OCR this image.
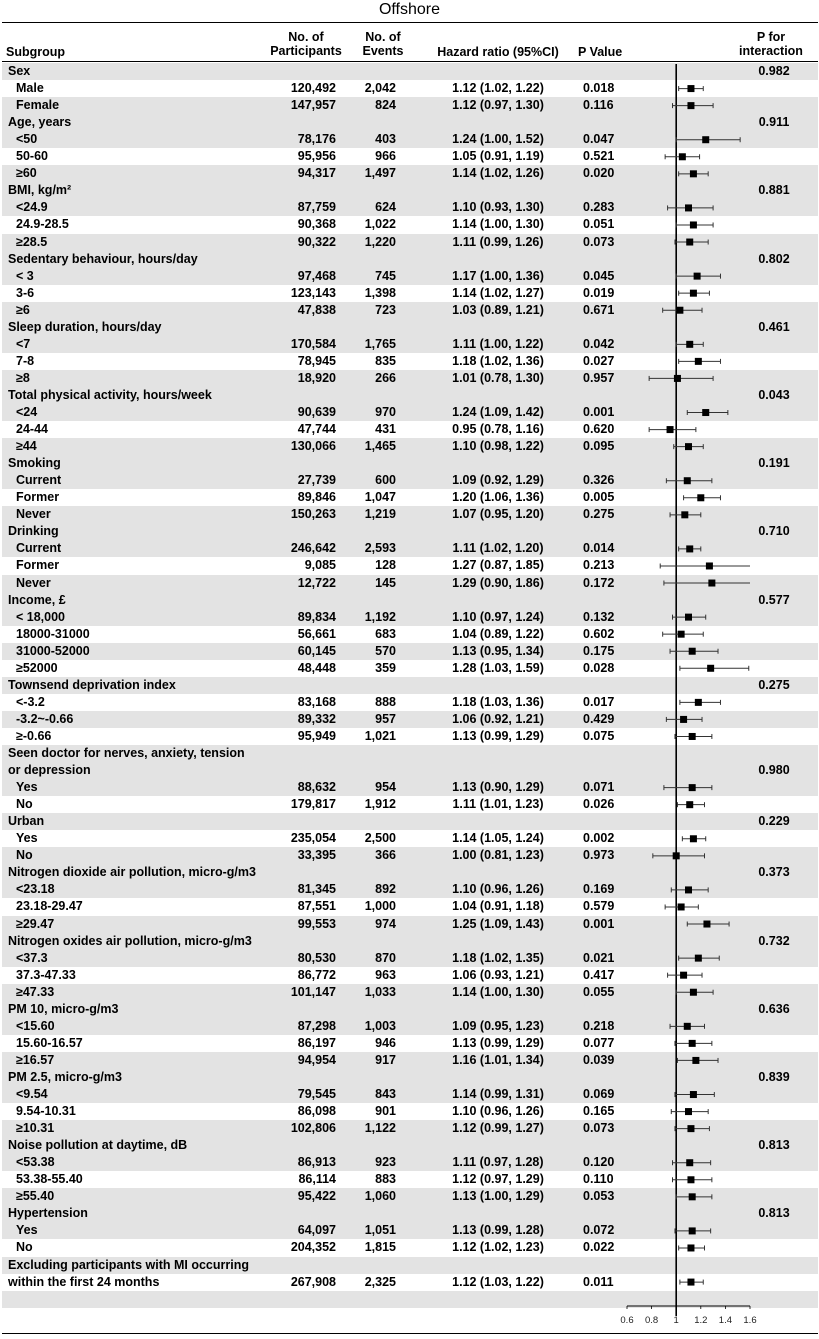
Offshore
Subgroup
No. of Participants
No. of Events	Hazard ratio (95%CI)	P Value
P for interaction
Sex	0.982
Male	120,492	2,042	1.12 (1.02, 1.22)	0.018
Female	147,957	824	1.12 (0.97, 1.30)	0.116
Age, years	0.911
<50	78,176	403	1.24 (1.00, 1.52)	0.047
50-60	95,956	966	1.05 (0.91, 1.19)	0.521
≥60	94,317	1,497	1.14 (1.02, 1.26)	0.020
BMI, kg/m²	0.881
<24.9	87,759	624	1.10 (0.93, 1.30)	0.283
24.9-28.5	90,368	1,022	1.14 (1.00, 1.30)	0.051
≥28.5	90,322	1,220	1.11 (0.99, 1.26)	0.073
Sedentary behaviour, hours/day	0.802
< 3	97,468	745	1.17 (1.00, 1.36)	0.045
3-6	123,143	1,398	1.14 (1.02, 1.27)	0.019
≥6	47,838	723	1.03 (0.89, 1.21)	0.671
Sleep duration, hours/day	0.461
<7	170,584	1,765	1.11 (1.00, 1.22)	0.042
7-8	78,945	835	1.18 (1.02, 1.36)	0.027
≥8	18,920	266	1.01 (0.78, 1.30)	0.957
Total physical activity, hours/week	0.043
<24	90,639	970	1.24 (1.09, 1.42)	0.001
24-44	47,744	431	0.95 (0.78, 1.16)	0.620
≥44	130,066	1,465	1.10 (0.98, 1.22)	0.095
Smoking	0.191
Current	27,739	600	1.09 (0.92, 1.29)	0.326
Former	89,846	1,047	1.20 (1.06, 1.36)	0.005
Never	150,263	1,219	1.07 (0.95, 1.20)	0.275
Drinking	0.710
Current	246,642	2,593	1.11 (1.02, 1.20)	0.014
Former	9,085	128	1.27 (0.87, 1.85)	0.213
Never	12,722	145	1.29 (0.90, 1.86)	0.172
Income, £	0.577
< 18,000	89,834	1,192	1.10 (0.97, 1.24)	0.132
18000-31000	56,661	683	1.04 (0.89, 1.22)	0.602
31000-52000	60,145	570	1.13 (0.95, 1.34)	0.175
≥52000	48,448	359	1.28 (1.03, 1.59)	0.028
Townsend deprivation index	0.275
<-3.2	83,168	888	1.18 (1.03, 1.36)	0.017
-3.2~-0.66	89,332	957	1.06 (0.92, 1.21)	0.429
≥-0.66	95,949	1,021	1.13 (0.99, 1.29)	0.075
Seen doctor for nerves, anxiety, tension
or depression	0.980
Yes	88,632	954	1.13 (0.90, 1.29)	0.071
No	179,817	1,912	1.11 (1.01, 1.23)	0.026
Urban	0.229
Yes	235,054	2,500	1.14 (1.05, 1.24)	0.002
No	33,395	366	1.00 (0.81, 1.23)	0.973
Nitrogen dioxide air pollution, micro-g/m3	0.373
<23.18	81,345	892	1.10 (0.96, 1.26)	0.169
23.18-29.47	87,551	1,000	1.04 (0.91, 1.18)	0.579
≥29.47	99,553	974	1.25 (1.09, 1.43)	0.001
Nitrogen oxides air pollution, micro-g/m3	0.732
<37.3	80,530	870	1.18 (1.02, 1.35)	0.021
37.3-47.33	86,772	963	1.06 (0.93, 1.21)	0.417
≥47.33	101,147	1,033	1.14 (1.00, 1.30)	0.055
PM 10, micro-g/m3	0.636
<15.60	87,298	1,003	1.09 (0.95, 1.23)	0.218
15.60-16.57	86,197	946	1.13 (0.99, 1.29)	0.077
≥16.57	94,954	917	1.16 (1.01, 1.34)	0.039
PM 2.5, micro-g/m3	0.839
<9.54	79,545	843	1.14 (0.99, 1.31)	0.069
9.54-10.31	86,098	901	1.10 (0.96, 1.26)	0.165
≥10.31	102,806	1,122	1.12 (0.99, 1.27)	0.073
Noise pollution at daytime, dB	0.813
<53.38	86,913	923	1.11 (0.97, 1.28)	0.120
53.38-55.40	86,114	883	1.12 (0.97, 1.29)	0.110
≥55.40	95,422	1,060	1.13 (1.00, 1.29)	0.053
Hypertension	0.813
Yes	64,097	1,051	1.13 (0.99, 1.28)	0.072
No	204,352	1,815	1.12 (1.02, 1.23)	0.022
Excluding participants with MI occurring
within the first 24 months	267,908	2,325	1.12 (1.03, 1.22)	0.011
0.6 0.8 1 1.2 1.4 1.6
